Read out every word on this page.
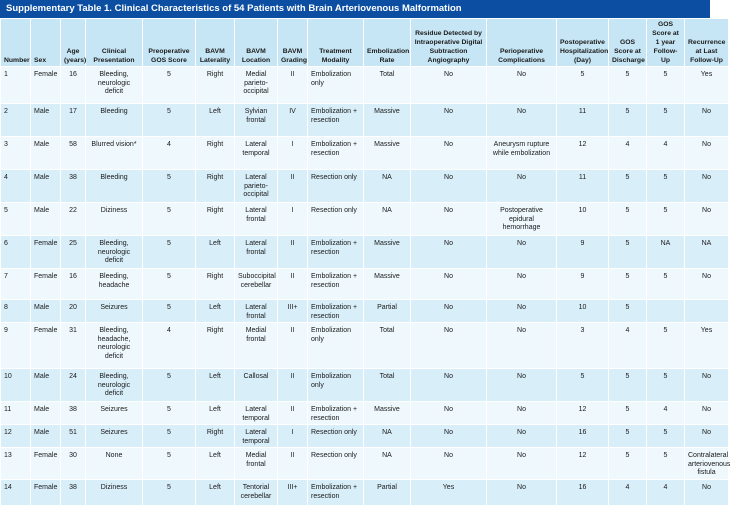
Supplementary Table 1. Clinical Characteristics of 54 Patients with Brain Arteriovenous Malformation
Number	Sex	Age (years)	Clinical Presentation	Preoperative GOS Score	BAVM Laterality	BAVM Location	BAVM Grading	Treatment Modality	Embolization Rate	Residue Detected by Intraoperative Digital Subtraction Angiography	Perioperative Complications	Postoperative Hospitalization (Day)	GOS Score at Discharge	GOS Score at 1 year Follow-Up	Recurrence at Last Follow-Up
1	Female	16	Bleeding, neurologic deficit	5	Right	Medial parieto-occipital	II	Embolization only	Total	No	No	5	5	5	Yes
2	Male	17	Bleeding	5	Left	Sylvian frontal	IV	Embolization + resection	Massive	No	No	11	5	5	No
3	Male	58	Blurred vision*	4	Right	Lateral temporal	I	Embolization + resection	Massive	No	Aneurysm rupture while embolization	12	4	4	No
4	Male	38	Bleeding	5	Right	Lateral parieto-occipital	II	Resection only	NA	No	No	11	5	5	No
5	Male	22	Diziness	5	Right	Lateral frontal	I	Resection only	NA	No	Postoperative epidural hemorrhage	10	5	5	No
6	Female	25	Bleeding, neurologic deficit	5	Left	Lateral frontal	II	Embolization + resection	Massive	No	No	9	5	NA	NA
7	Female	16	Bleeding, headache	5	Right	Suboccipital cerebellar	II	Embolization + resection	Massive	No	No	9	5	5	No
8	Male	20	Seizures	5	Left	Lateral frontal	III+	Embolization + resection	Partial	No	No	10	5		
9	Female	31	Bleeding, headache, neurologic deficit	4	Right	Medial frontal	II	Embolization only	Total	No	No	3	4	5	Yes
10	Male	24	Bleeding, neurologic deficit	5	Left	Callosal	II	Embolization only	Total	No	No	5	5	5	No
11	Male	38	Seizures	5	Left	Lateral temporal	II	Embolization + resection	Massive	No	No	12	5	4	No
12	Male	51	Seizures	5	Right	Lateral temporal	I	Resection only	NA	No	No	16	5	5	No
13	Female	30	None	5	Left	Medial frontal	II	Resection only	NA	No	No	12	5	5	Contralateral arteriovenous fistula
14	Female	38	Diziness	5	Left	Tentorial cerebellar	III+	Embolization + resection	Partial	Yes	No	16	4	4	No
